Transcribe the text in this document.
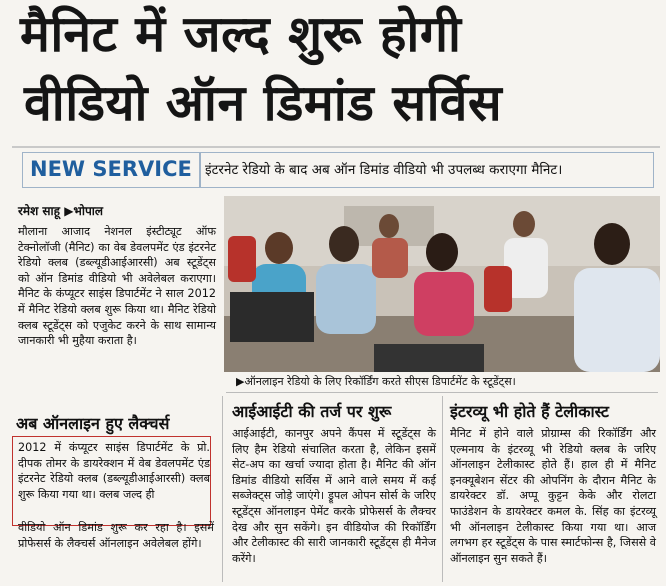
मैनिट में जल्द शुरू होगी
वीडियो ऑन डिमांड सर्विस
NEW SERVICE इंटरनेट रेडियो के बाद अब ऑन डिमांड वीडियो भी उपलब्ध कराएगा मैनिट।
रमेश साहू ▶भोपाल
मौलाना आजाद नेशनल इंस्टीट्यूट ऑफ टेक्नोलॉजी (मैनिट) का वेब डेवलपमेंट एंड इंटरनेट रेडियो क्लब (डब्ल्यूडीआईआरसी) अब स्टूडेंट्स को ऑन डिमांड वीडियो भी अवेलेबल कराएगा। मैनिट के कंप्यूटर साइंस डिपार्टमेंट ने साल 2012 में मैनिट रेडियो क्लब शुरू किया था। मैनिट रेडियो क्लब स्टूडेंट्स को एजुकेट करने के साथ सामान्य जानकारी भी मुहैया कराता है।
▶ऑनलाइन रेडियो के लिए रिकॉर्डिंग करते सीएस डिपार्टमेंट के स्टूडेंट्स।
अब ऑनलाइन हुए लैक्चर्स
2012 में कंप्यूटर साइंस डिपार्टमेंट के प्रो. दीपक तोमर के डायरेक्शन में वेब डेवलपमेंट एंड इंटरनेट रेडियो क्लब (डब्ल्यूडीआईआरसी) क्लब शुरू किया गया था। क्लब जल्द ही
वीडियो ऑन डिमांड शुरू कर रहा है। इसमें प्रोफेसर्स के लैक्चर्स ऑनलाइन अवेलेबल होंगे।
आईआईटी की तर्ज पर शुरू
आईआईटी, कानपुर अपने कैंपस में स्टूडेंट्स के लिए हैम रेडियो संचालित करता है, लेकिन इसमें सेट-अप का खर्चा ज्यादा होता है। मैनिट की ऑन डिमांड वीडियो सर्विस में आने वाले समय में कई सब्जेक्ट्स जोड़े जाएंगे। ड्रूपल ओपन सोर्स के जरिए स्टूडेंट्स ऑनलाइन पेमेंट करके प्रोफेसर्स के लैक्चर देख और सुन सकेंगे। इन वीडियोज की रिकॉर्डिंग और टेलीकास्ट की सारी जानकारी स्टूडेंट्स ही मैनेज करेंगे।
इंटरव्यू भी होते हैं टेलीकास्ट
मैनिट में होने वाले प्रोग्राम्स की रिकॉर्डिंग और एल्मनाय के इंटरव्यू भी रेडियो क्लब के जरिए ऑनलाइन टेलीकास्ट होते हैं। हाल ही में मैनिट इनक्यूबेशन सेंटर की ओपनिंग के दौरान मैनिट के डायरेक्टर डॉ. अप्पू कुट्टन केके और रोलटा फाउंडेशन के डायरेक्टर कमल के. सिंह का इंटरव्यू भी ऑनलाइन टेलीकास्ट किया गया था। आज लगभग हर स्टूडेंट्स के पास स्मार्टफोन्स है, जिससे वे ऑनलाइन सुन सकते हैं।
